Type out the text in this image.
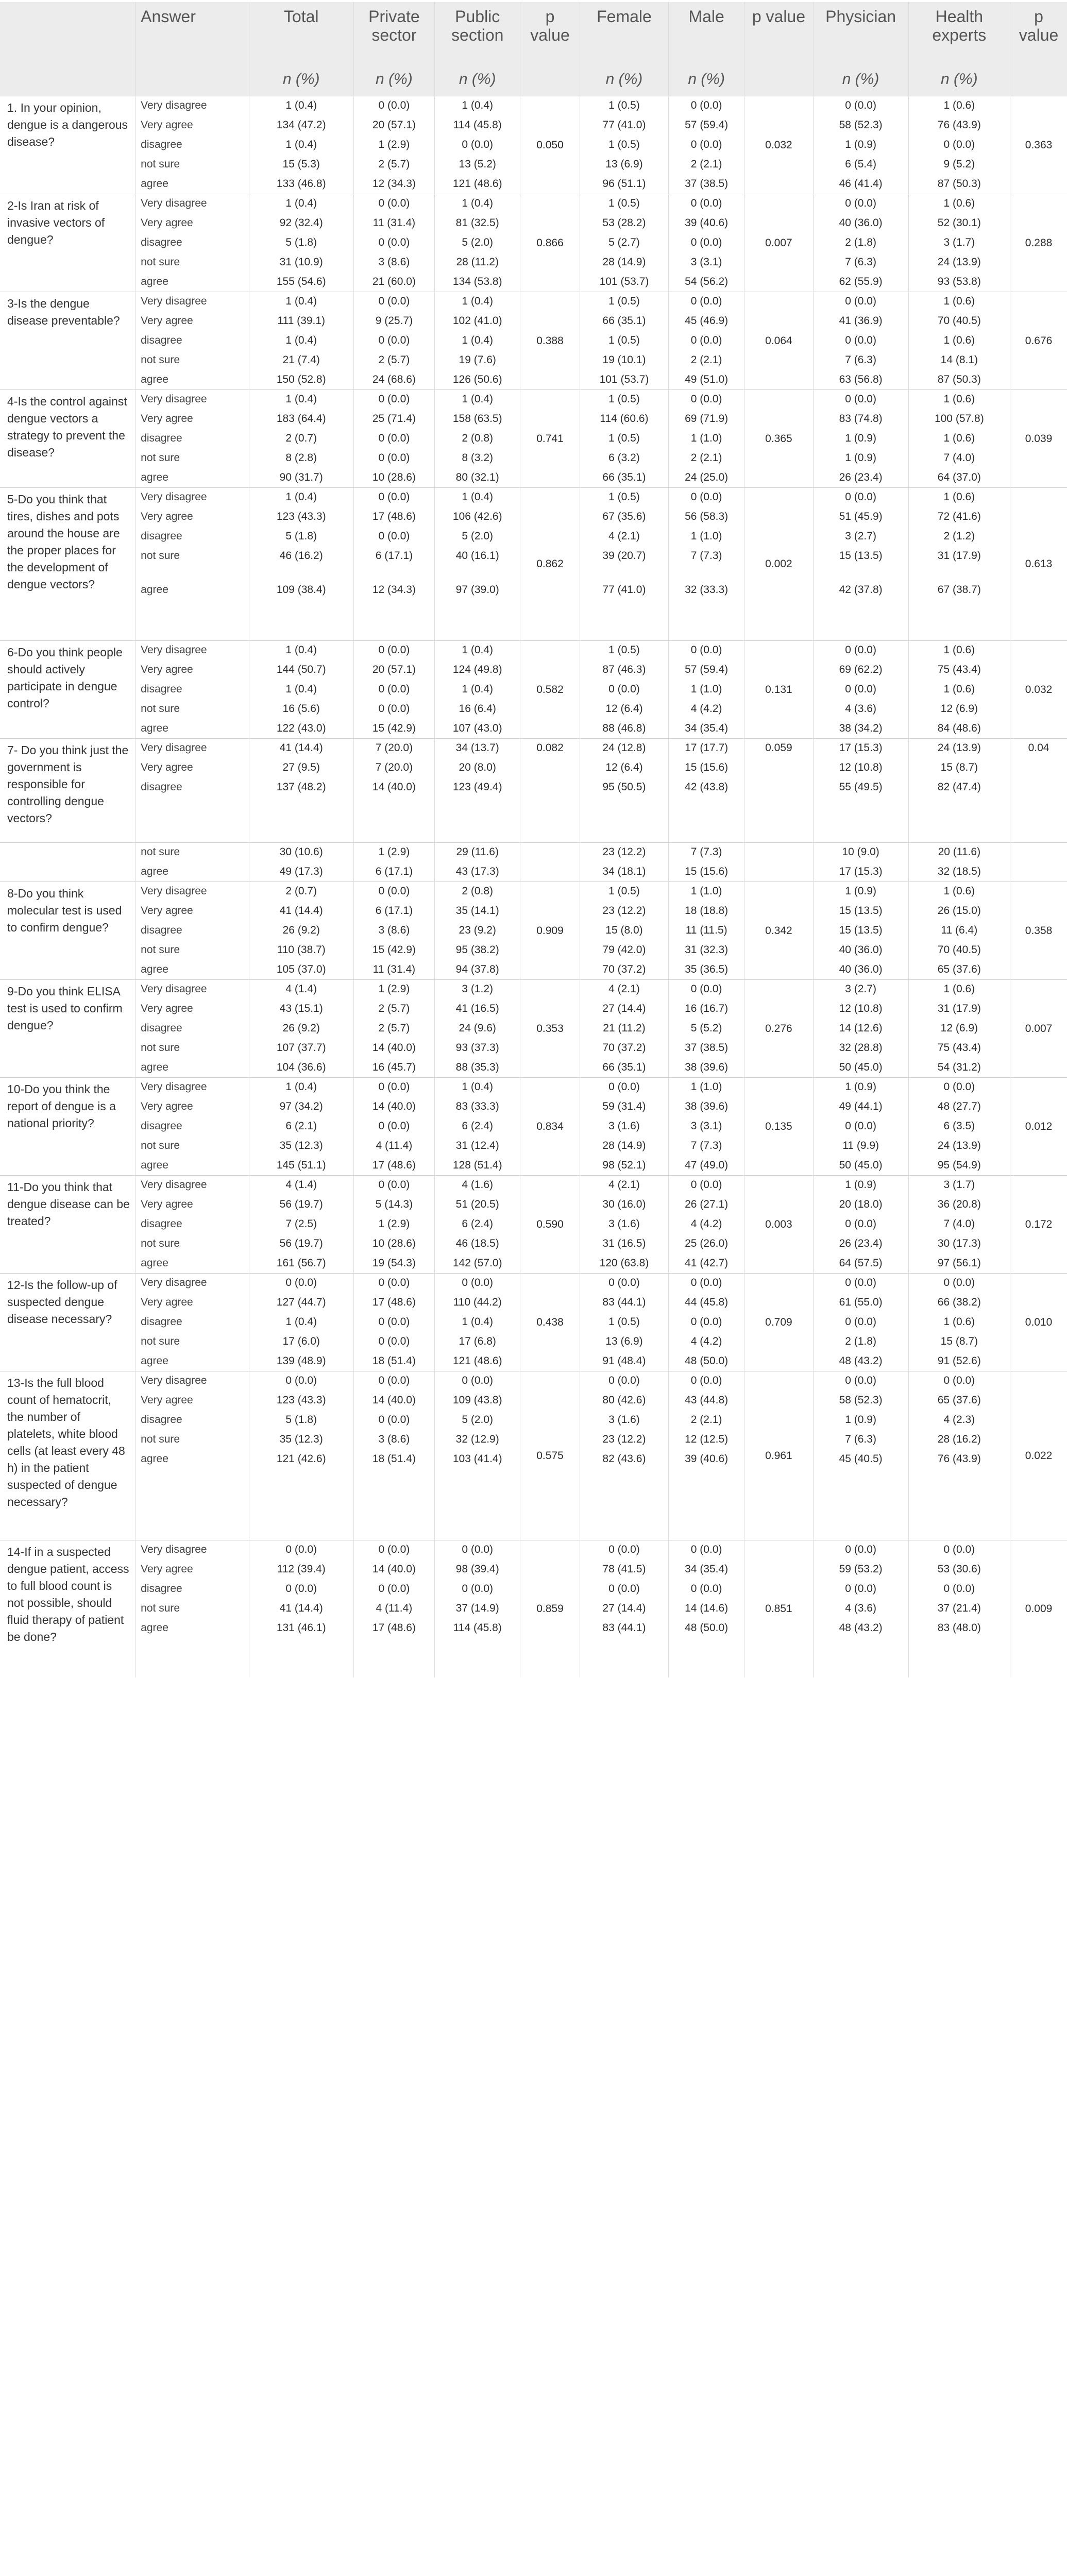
	Answer	Total	Private sector	Public section	p value	Female	Male	p value	Physician	Health experts	p value
		n (%)	n (%)	n (%)		n (%)	n (%)		n (%)	n (%)	
1. In your opinion, dengue is a dangerous disease?	Very disagree	1 (0.4)	0 (0.0)	1 (0.4)	0.050	1 (0.5)	0 (0.0)	0.032	0 (0.0)	1 (0.6)	0.363
	Very agree	134 (47.2)	20 (57.1)	114 (45.8)		77 (41.0)	57 (59.4)		58 (52.3)	76 (43.9)	
	disagree	1 (0.4)	1 (2.9)	0 (0.0)		1 (0.5)	0 (0.0)		1 (0.9)	0 (0.0)	
	not sure	15 (5.3)	2 (5.7)	13 (5.2)		13 (6.9)	2 (2.1)		6 (5.4)	9 (5.2)	
	agree	133 (46.8)	12 (34.3)	121 (48.6)		96 (51.1)	37 (38.5)		46 (41.4)	87 (50.3)	
2-Is Iran at risk of invasive vectors of dengue?	Very disagree	1 (0.4)	0 (0.0)	1 (0.4)	0.866	1 (0.5)	0 (0.0)	0.007	0 (0.0)	1 (0.6)	0.288
	Very agree	92 (32.4)	11 (31.4)	81 (32.5)		53 (28.2)	39 (40.6)		40 (36.0)	52 (30.1)	
	disagree	5 (1.8)	0 (0.0)	5 (2.0)		5 (2.7)	0 (0.0)		2 (1.8)	3 (1.7)	
	not sure	31 (10.9)	3 (8.6)	28 (11.2)		28 (14.9)	3 (3.1)		7 (6.3)	24 (13.9)	
	agree	155 (54.6)	21 (60.0)	134 (53.8)		101 (53.7)	54 (56.2)		62 (55.9)	93 (53.8)	
3-Is the dengue disease preventable?	Very disagree	1 (0.4)	0 (0.0)	1 (0.4)	0.388	1 (0.5)	0 (0.0)	0.064	0 (0.0)	1 (0.6)	0.676
	Very agree	111 (39.1)	9 (25.7)	102 (41.0)		66 (35.1)	45 (46.9)		41 (36.9)	70 (40.5)	
	disagree	1 (0.4)	0 (0.0)	1 (0.4)		1 (0.5)	0 (0.0)		0 (0.0)	1 (0.6)	
	not sure	21 (7.4)	2 (5.7)	19 (7.6)		19 (10.1)	2 (2.1)		7 (6.3)	14 (8.1)	
	agree	150 (52.8)	24 (68.6)	126 (50.6)		101 (53.7)	49 (51.0)		63 (56.8)	87 (50.3)	
4-Is the control against dengue vectors a strategy to prevent the disease?	Very disagree	1 (0.4)	0 (0.0)	1 (0.4)	0.741	1 (0.5)	0 (0.0)	0.365	0 (0.0)	1 (0.6)	0.039
	Very agree	183 (64.4)	25 (71.4)	158 (63.5)		114 (60.6)	69 (71.9)		83 (74.8)	100 (57.8)	
	disagree	2 (0.7)	0 (0.0)	2 (0.8)		1 (0.5)	1 (1.0)		1 (0.9)	1 (0.6)	
	not sure	8 (2.8)	0 (0.0)	8 (3.2)		6 (3.2)	2 (2.1)		1 (0.9)	7 (4.0)	
	agree	90 (31.7)	10 (28.6)	80 (32.1)		66 (35.1)	24 (25.0)		26 (23.4)	64 (37.0)	
5-Do you think that tires, dishes and pots around the house are the proper places for the development of dengue vectors?	Very disagree	1 (0.4)	0 (0.0)	1 (0.4)	0.862	1 (0.5)	0 (0.0)	0.002	0 (0.0)	1 (0.6)	0.613
	Very agree	123 (43.3)	17 (48.6)	106 (42.6)		67 (35.6)	56 (58.3)		51 (45.9)	72 (41.6)	
	disagree	5 (1.8)	0 (0.0)	5 (2.0)		4 (2.1)	1 (1.0)		3 (2.7)	2 (1.2)	
	not sure	46 (16.2)	6 (17.1)	40 (16.1)		39 (20.7)	7 (7.3)		15 (13.5)	31 (17.9)	
	agree	109 (38.4)	12 (34.3)	97 (39.0)		77 (41.0)	32 (33.3)		42 (37.8)	67 (38.7)	
6-Do you think people should actively participate in dengue control?	Very disagree	1 (0.4)	0 (0.0)	1 (0.4)	0.582	1 (0.5)	0 (0.0)	0.131	0 (0.0)	1 (0.6)	0.032
	Very agree	144 (50.7)	20 (57.1)	124 (49.8)		87 (46.3)	57 (59.4)		69 (62.2)	75 (43.4)	
	disagree	1 (0.4)	0 (0.0)	1 (0.4)		0 (0.0)	1 (1.0)		0 (0.0)	1 (0.6)	
	not sure	16 (5.6)	0 (0.0)	16 (6.4)		12 (6.4)	4 (4.2)		4 (3.6)	12 (6.9)	
	agree	122 (43.0)	15 (42.9)	107 (43.0)		88 (46.8)	34 (35.4)		38 (34.2)	84 (48.6)	
7- Do you think just the government is responsible for controlling dengue vectors?	Very disagree	41 (14.4)	7 (20.0)	34 (13.7)	0.082	24 (12.8)	17 (17.7)	0.059	17 (15.3)	24 (13.9)	0.04
	Very agree	27 (9.5)	7 (20.0)	20 (8.0)		12 (6.4)	15 (15.6)		12 (10.8)	15 (8.7)	
	disagree	137 (48.2)	14 (40.0)	123 (49.4)		95 (50.5)	42 (43.8)		55 (49.5)	82 (47.4)	
	not sure	30 (10.6)	1 (2.9)	29 (11.6)		23 (12.2)	7 (7.3)		10 (9.0)	20 (11.6)	
	agree	49 (17.3)	6 (17.1)	43 (17.3)		34 (18.1)	15 (15.6)		17 (15.3)	32 (18.5)	
8-Do you think molecular test is used to confirm dengue?	Very disagree	2 (0.7)	0 (0.0)	2 (0.8)	0.909	1 (0.5)	1 (1.0)	0.342	1 (0.9)	1 (0.6)	0.358
	Very agree	41 (14.4)	6 (17.1)	35 (14.1)		23 (12.2)	18 (18.8)		15 (13.5)	26 (15.0)	
	disagree	26 (9.2)	3 (8.6)	23 (9.2)		15 (8.0)	11 (11.5)		15 (13.5)	11 (6.4)	
	not sure	110 (38.7)	15 (42.9)	95 (38.2)		79 (42.0)	31 (32.3)		40 (36.0)	70 (40.5)	
	agree	105 (37.0)	11 (31.4)	94 (37.8)		70 (37.2)	35 (36.5)		40 (36.0)	65 (37.6)	
9-Do you think ELISA test is used to confirm dengue?	Very disagree	4 (1.4)	1 (2.9)	3 (1.2)	0.353	4 (2.1)	0 (0.0)	0.276	3 (2.7)	1 (0.6)	0.007
	Very agree	43 (15.1)	2 (5.7)	41 (16.5)		27 (14.4)	16 (16.7)		12 (10.8)	31 (17.9)	
	disagree	26 (9.2)	2 (5.7)	24 (9.6)		21 (11.2)	5 (5.2)		14 (12.6)	12 (6.9)	
	not sure	107 (37.7)	14 (40.0)	93 (37.3)		70 (37.2)	37 (38.5)		32 (28.8)	75 (43.4)	
	agree	104 (36.6)	16 (45.7)	88 (35.3)		66 (35.1)	38 (39.6)		50 (45.0)	54 (31.2)	
10-Do you think the report of dengue is a national priority?	Very disagree	1 (0.4)	0 (0.0)	1 (0.4)	0.834	0 (0.0)	1 (1.0)	0.135	1 (0.9)	0 (0.0)	0.012
	Very agree	97 (34.2)	14 (40.0)	83 (33.3)		59 (31.4)	38 (39.6)		49 (44.1)	48 (27.7)	
	disagree	6 (2.1)	0 (0.0)	6 (2.4)		3 (1.6)	3 (3.1)		0 (0.0)	6 (3.5)	
	not sure	35 (12.3)	4 (11.4)	31 (12.4)		28 (14.9)	7 (7.3)		11 (9.9)	24 (13.9)	
	agree	145 (51.1)	17 (48.6)	128 (51.4)		98 (52.1)	47 (49.0)		50 (45.0)	95 (54.9)	
11-Do you think that dengue disease can be treated?	Very disagree	4 (1.4)	0 (0.0)	4 (1.6)	0.590	4 (2.1)	0 (0.0)	0.003	1 (0.9)	3 (1.7)	0.172
	Very agree	56 (19.7)	5 (14.3)	51 (20.5)		30 (16.0)	26 (27.1)		20 (18.0)	36 (20.8)	
	disagree	7 (2.5)	1 (2.9)	6 (2.4)		3 (1.6)	4 (4.2)		0 (0.0)	7 (4.0)	
	not sure	56 (19.7)	10 (28.6)	46 (18.5)		31 (16.5)	25 (26.0)		26 (23.4)	30 (17.3)	
	agree	161 (56.7)	19 (54.3)	142 (57.0)		120 (63.8)	41 (42.7)		64 (57.5)	97 (56.1)	
12-Is the follow-up of suspected dengue disease necessary?	Very disagree	0 (0.0)	0 (0.0)	0 (0.0)	0.438	0 (0.0)	0 (0.0)	0.709	0 (0.0)	0 (0.0)	0.010
	Very agree	127 (44.7)	17 (48.6)	110 (44.2)		83 (44.1)	44 (45.8)		61 (55.0)	66 (38.2)	
	disagree	1 (0.4)	0 (0.0)	1 (0.4)		1 (0.5)	0 (0.0)		0 (0.0)	1 (0.6)	
	not sure	17 (6.0)	0 (0.0)	17 (6.8)		13 (6.9)	4 (4.2)		2 (1.8)	15 (8.7)	
	agree	139 (48.9)	18 (51.4)	121 (48.6)		91 (48.4)	48 (50.0)		48 (43.2)	91 (52.6)	
13-Is the full blood count of hematocrit, the number of platelets, white blood cells (at least every 48 h) in the patient suspected of dengue necessary?	Very disagree	0 (0.0)	0 (0.0)	0 (0.0)	0.575	0 (0.0)	0 (0.0)	0.961	0 (0.0)	0 (0.0)	0.022
	Very agree	123 (43.3)	14 (40.0)	109 (43.8)		80 (42.6)	43 (44.8)		58 (52.3)	65 (37.6)	
	disagree	5 (1.8)	0 (0.0)	5 (2.0)		3 (1.6)	2 (2.1)		1 (0.9)	4 (2.3)	
	not sure	35 (12.3)	3 (8.6)	32 (12.9)		23 (12.2)	12 (12.5)		7 (6.3)	28 (16.2)	
	agree	121 (42.6)	18 (51.4)	103 (41.4)		82 (43.6)	39 (40.6)		45 (40.5)	76 (43.9)	
14-If in a suspected dengue patient, access to full blood count is not possible, should fluid therapy of patient be done?	Very disagree	0 (0.0)	0 (0.0)	0 (0.0)	0.859	0 (0.0)	0 (0.0)	0.851	0 (0.0)	0 (0.0)	0.009
	Very agree	112 (39.4)	14 (40.0)	98 (39.4)		78 (41.5)	34 (35.4)		59 (53.2)	53 (30.6)	
	disagree	0 (0.0)	0 (0.0)	0 (0.0)		0 (0.0)	0 (0.0)		0 (0.0)	0 (0.0)	
	not sure	41 (14.4)	4 (11.4)	37 (14.9)		27 (14.4)	14 (14.6)		4 (3.6)	37 (21.4)	
	agree	131 (46.1)	17 (48.6)	114 (45.8)		83 (44.1)	48 (50.0)		48 (43.2)	83 (48.0)	
